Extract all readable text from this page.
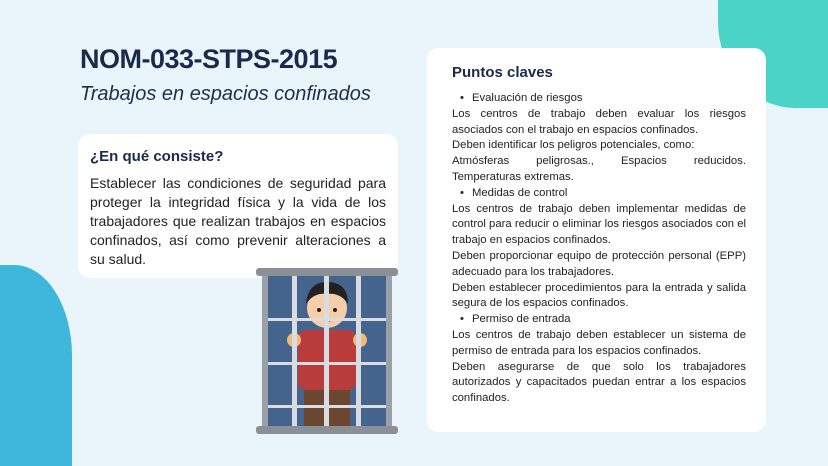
NOM-033-STPS-2015
Trabajos en espacios confinados
¿En qué consiste?

Establecer las condiciones de seguridad para proteger la integridad física y la vida de los trabajadores que realizan trabajos en espacios confinados, así como prevenir alteraciones a su salud.

Puntos claves

• Evaluación de riesgos

Los centros de trabajo deben evaluar los riesgos asociados con el trabajo en espacios confinados.

Deben identificar los peligros potenciales, como:

Atmósferas peligrosas., Espacios reducidos. Temperaturas extremas.

• Medidas de control

Los centros de trabajo deben implementar medidas de control para reducir o eliminar los riesgos asociados con el trabajo en espacios confinados.

Deben proporcionar equipo de protección personal (EPP) adecuado para los trabajadores.

Deben establecer procedimientos para la entrada y salida segura de los espacios confinados.

• Permiso de entrada

Los centros de trabajo deben establecer un sistema de permiso de entrada para los espacios confinados.

Deben asegurarse de que solo los trabajadores autorizados y capacitados puedan entrar a los espacios confinados.
